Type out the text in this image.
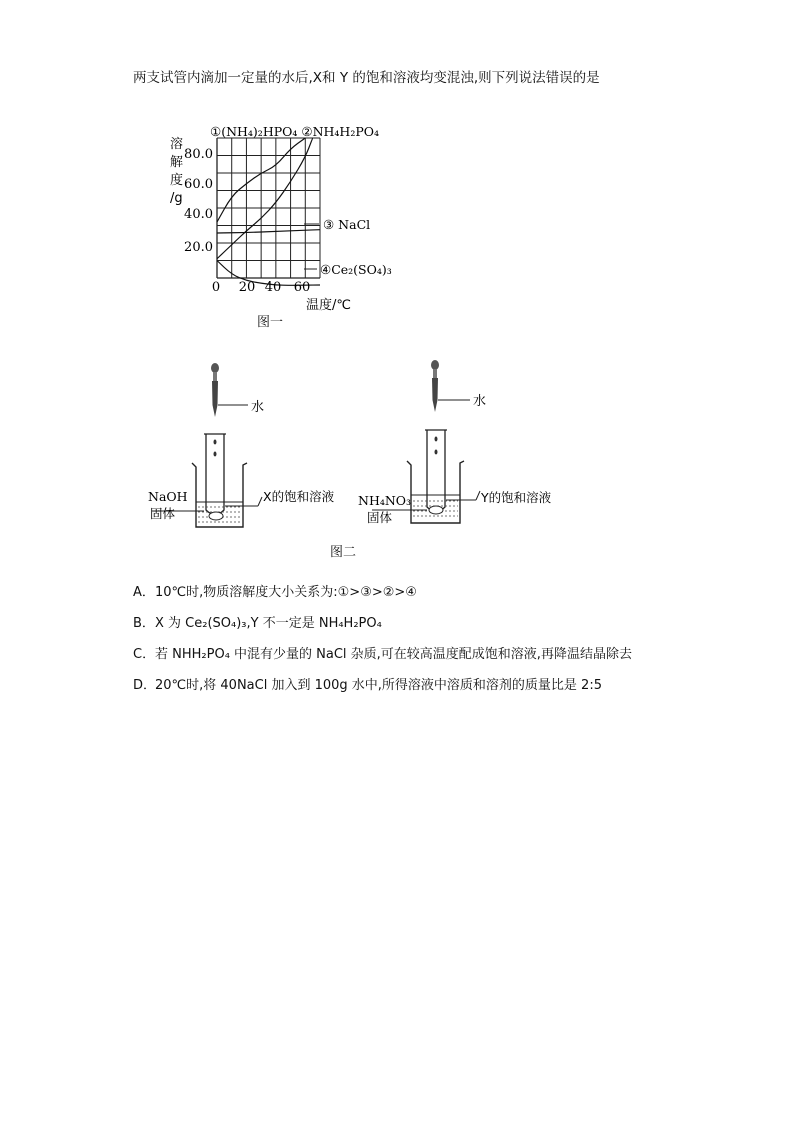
两支试管内滴加一定量的水后,X和 Y 的饱和溶液均变混浊,则下列说法错误的是
溶
解
度
/g
80.0
60.0
40.0
20.0
0 20 40 60
温度/℃
①(NH₄)₂HPO₄ ②NH₄H₂PO₄
③ NaCl
④Ce₂(SO₄)₃
图一
水
NaOH
固体
X的饱和溶液
水
NH₄NO₃
固体
Y的饱和溶液
图二
A． 10℃时,物质溶解度大小关系为:①>③>②>④
B． X 为 Ce₂(SO₄)₃,Y 不一定是 NH₄H₂PO₄
C． 若 NHH₂PO₄ 中混有少量的 NaCl 杂质,可在较高温度配成饱和溶液,再降温结晶除去
D．
20℃时,将 40NaCl 加入到 100g 水中,所得溶液中溶质和溶剂的质量比是 2:5
